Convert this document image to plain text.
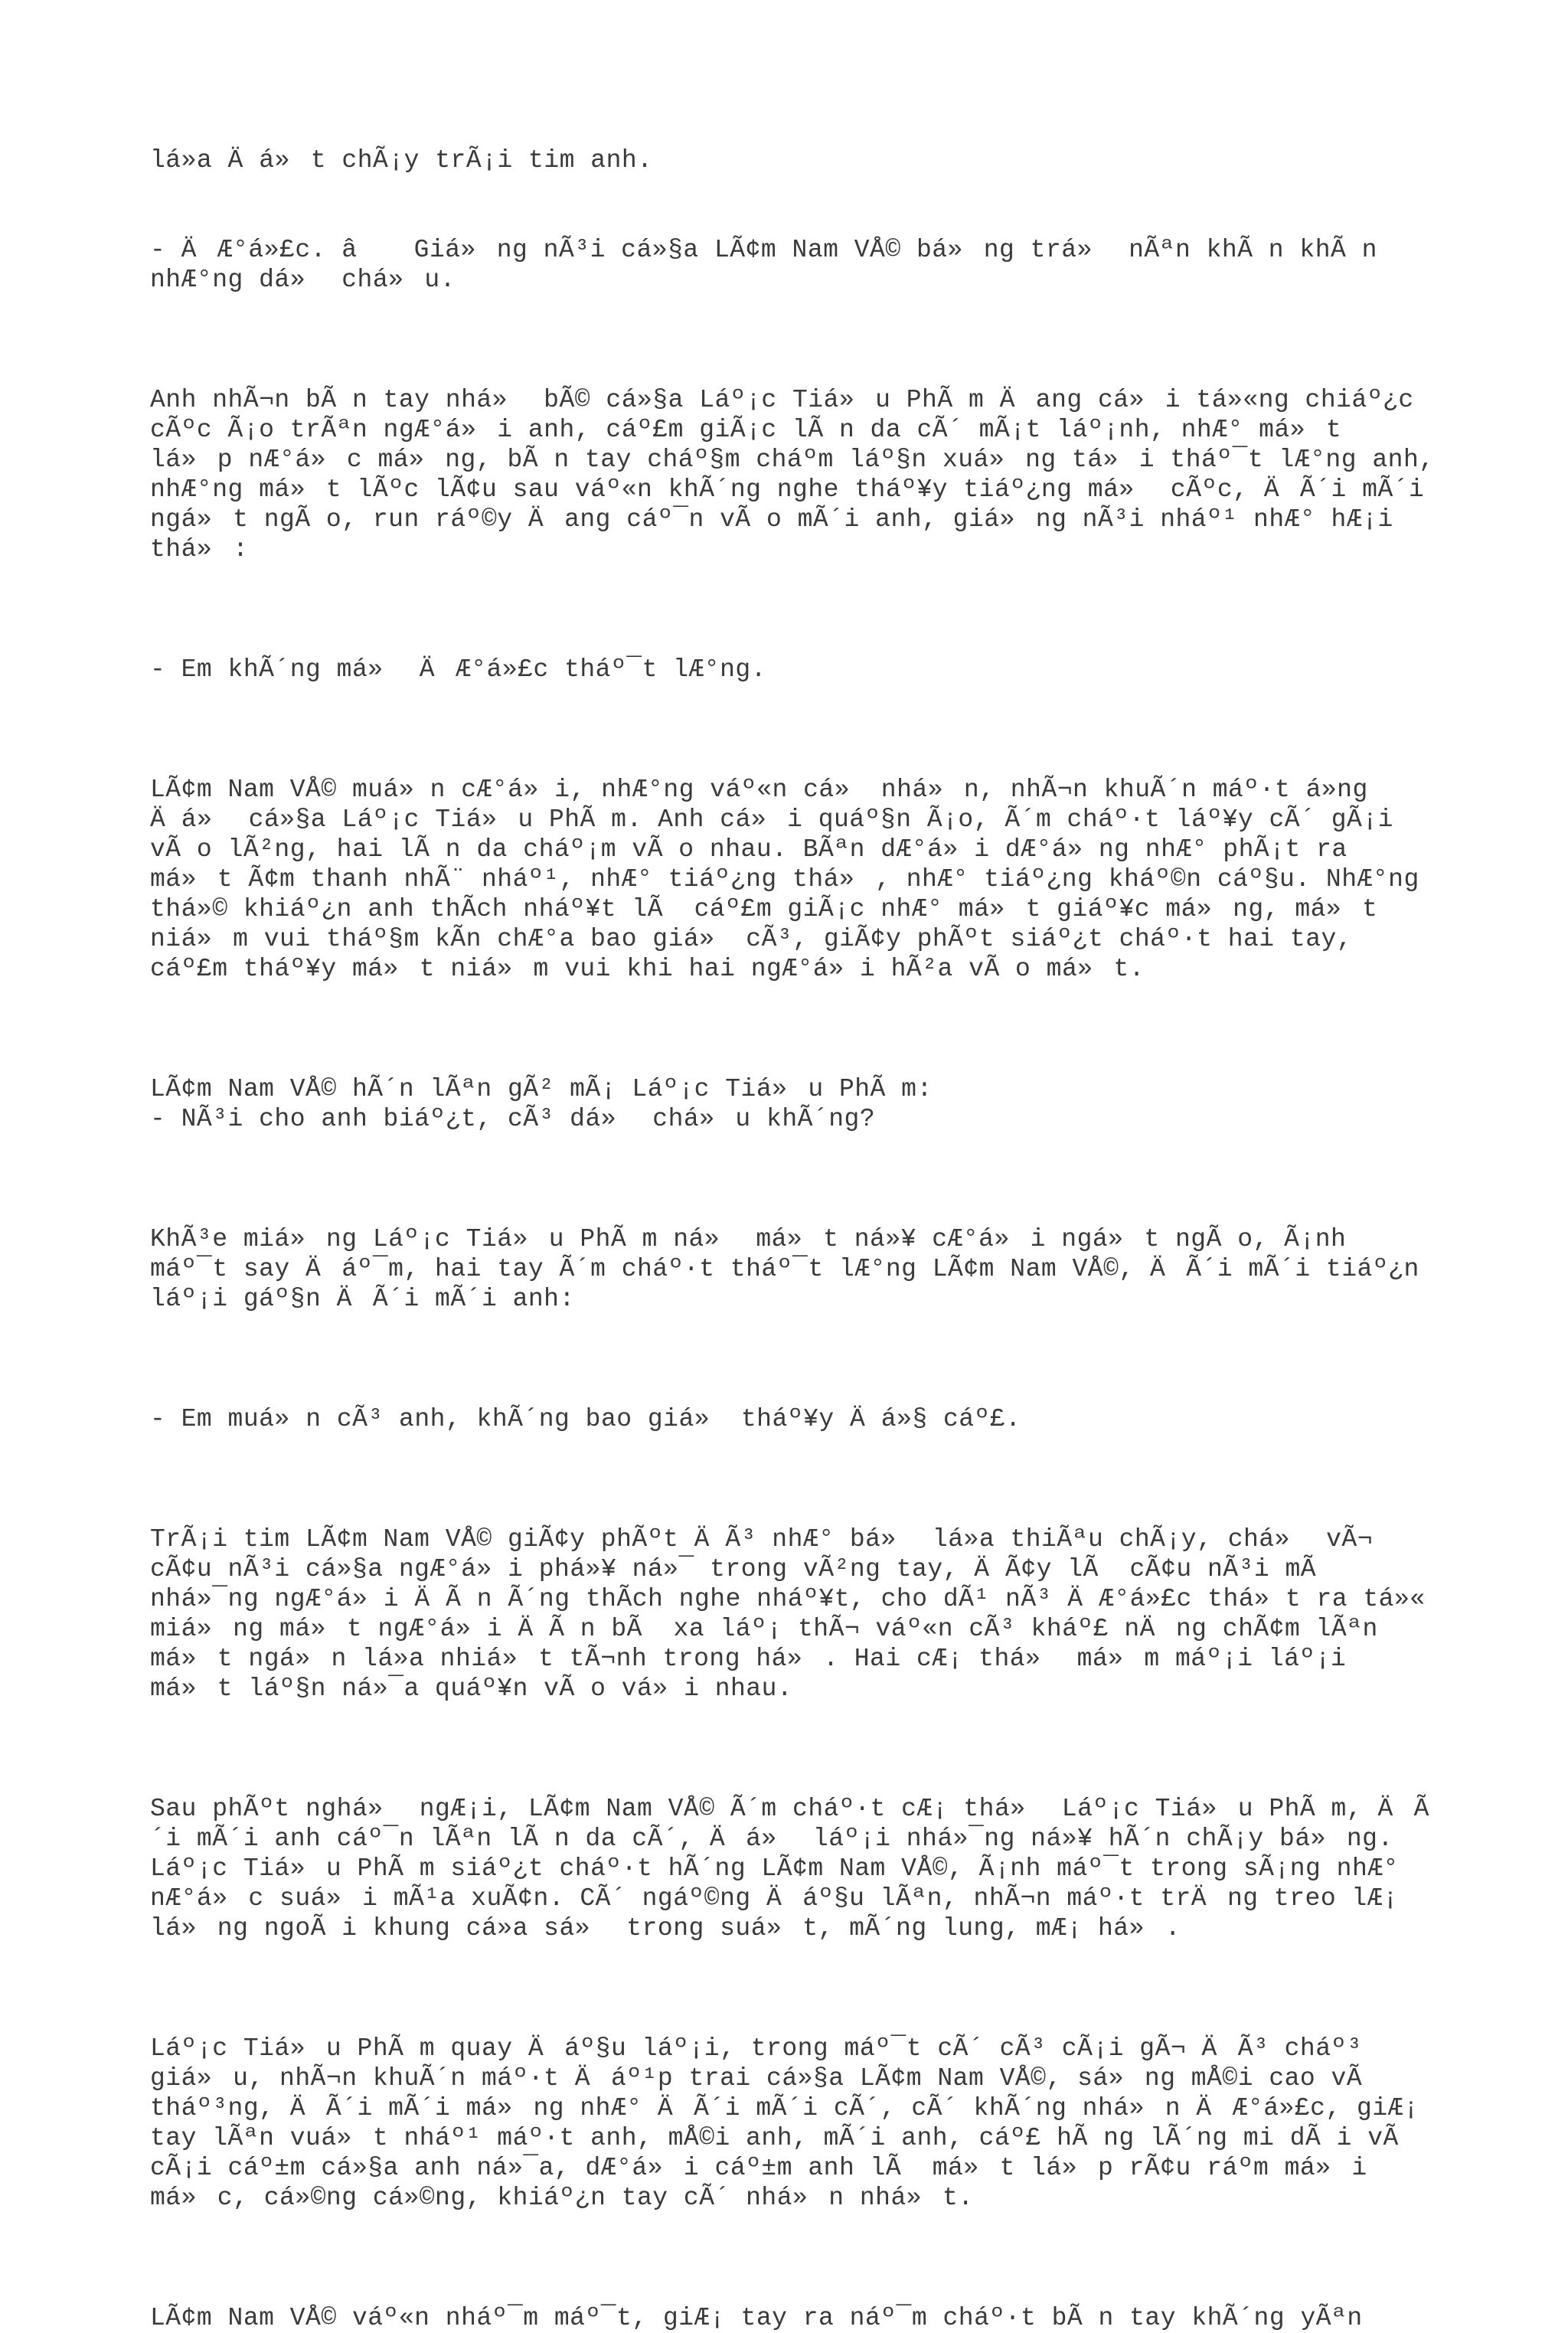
lá»a Äá»t chÃ¡y trÃ¡i tim anh.

- ÄÆ°á»£c. â Giá»ng nÃ³i cá»§a LÃ¢m Nam VÅ© bá»ng trá» nÃªn khÃ n khÃ n nhÆ°ng dá» chá»u.

Anh nhÃ¬n bÃ n tay nhá» bÃ© cá»§a Láº¡c Tiá»u PhÃ m Äang cá»i tá»«ng chiáº¿c cÃºc Ã¡o trÃªn ngÆ°á»i anh, cáº£m giÃ¡c lÃ n da cÃ´ mÃ¡t láº¡nh, nhÆ° má»t lá»p nÆ°á»c má»ng, bÃ n tay cháº§m cháºm láº§n xuá»ng tá»i tháº¯t lÆ°ng anh, nhÆ°ng má»t lÃºc lÃ¢u sau váº«n khÃ´ng nghe tháº¥y tiáº¿ng má» cÃºc, ÄÃ´i mÃ´i ngá»t ngÃ o, run ráº©y Äang cáº¯n vÃ o mÃ´i anh, giá»ng nÃ³i nháº¹ nhÆ° hÆ¡i thá»:

- Em khÃ´ng má» ÄÆ°á»£c tháº¯t lÆ°ng.

LÃ¢m Nam VÅ© muá»n cÆ°á»i, nhÆ°ng váº«n cá» nhá»n, nhÃ¬n khuÃ´n máº·t á»ng Äá» cá»§a Láº¡c Tiá»u PhÃ m. Anh cá»i quáº§n Ã¡o, Ã´m cháº·t láº¥y cÃ´ gÃ¡i vÃ o lÃ²ng, hai lÃ n da cháº¡m vÃ o nhau. BÃªn dÆ°á»i dÆ°á»ng nhÆ° phÃ¡t ra má»t Ã¢m thanh nhÃ¨ nháº¹, nhÆ° tiáº¿ng thá», nhÆ° tiáº¿ng kháº©n cáº§u. NhÆ°ng thá»© khiáº¿n anh thÃch nháº¥t lÃ  cáº£m giÃ¡c nhÆ° má»t giáº¥c má»ng, má»t niá»m vui tháº§m kÃn chÆ°a bao giá» cÃ³, giÃ¢y phÃºt siáº¿t cháº·t hai tay, cáº£m tháº¥y má»t niá»m vui khi hai ngÆ°á»i hÃ²a vÃ o má»t.

LÃ¢m Nam VÅ© hÃ´n lÃªn gÃ² mÃ¡ Láº¡c Tiá»u PhÃ m:
- NÃ³i cho anh biáº¿t, cÃ³ dá» chá»u khÃ´ng?

KhÃ³e miá»ng Láº¡c Tiá»u PhÃ m ná» má»t ná»¥ cÆ°á»i ngá»t ngÃ o, Ã¡nh máº¯t say Äáº¯m, hai tay Ã´m cháº·t tháº¯t lÆ°ng LÃ¢m Nam VÅ©, ÄÃ´i mÃ´i tiáº¿n láº¡i gáº§n ÄÃ´i mÃ´i anh:

- Em muá»n cÃ³ anh, khÃ´ng bao giá» tháº¥y Äá»§ cáº£.

TrÃ¡i tim LÃ¢m Nam VÅ© giÃ¢y phÃºt ÄÃ³ nhÆ° bá» lá»a thiÃªu chÃ¡y, chá» vÃ¬ cÃ¢u nÃ³i cá»§a ngÆ°á»i phá»¥ ná»¯ trong vÃ²ng tay, ÄÃ¢y lÃ  cÃ¢u nÃ³i mÃ  nhá»¯ng ngÆ°á»i ÄÃ n Ã´ng thÃch nghe nháº¥t, cho dÃ¹ nÃ³ ÄÆ°á»£c thá»t ra tá»« miá»ng má»t ngÆ°á»i ÄÃ n bÃ  xa láº¡ thÃ¬ váº«n cÃ³ kháº£ nÄng chÃ¢m lÃªn má»t ngá»n lá»a nhiá»t tÃ¬nh trong há». Hai cÆ¡ thá» má»m máº¡i láº¡i má»t láº§n ná»¯a quáº¥n vÃ o vá»i nhau.

Sau phÃºt nghá» ngÆ¡i, LÃ¢m Nam VÅ© Ã´m cháº·t cÆ¡ thá» Láº¡c Tiá»u PhÃ m, ÄÃ´i mÃ´i anh cáº¯n lÃªn lÃ n da cÃ´, Äá» láº¡i nhá»¯ng ná»¥ hÃ´n chÃ¡y bá»ng.
Láº¡c Tiá»u PhÃ m siáº¿t cháº·t hÃ´ng LÃ¢m Nam VÅ©, Ã¡nh máº¯t trong sÃ¡ng nhÆ° nÆ°á»c suá»i mÃ¹a xuÃ¢n. CÃ´ ngáº©ng Äáº§u lÃªn, nhÃ¬n máº·t trÄng treo lÆ¡ lá»ng ngoÃ i khung cá»a sá» trong suá»t, mÃ´ng lung, mÆ¡ há».

Láº¡c Tiá»u PhÃ m quay Äáº§u láº¡i, trong máº¯t cÃ´ cÃ³ cÃ¡i gÃ¬ ÄÃ³ cháº³ giá»u, nhÃ¬n khuÃ´n máº·t Äáº¹p trai cá»§a LÃ¢m Nam VÅ©, sá»ng mÅ©i cao vÃ  tháº³ng, ÄÃ´i mÃ´i má»ng nhÆ° ÄÃ´i mÃ´i cÃ´, cÃ´ khÃ´ng nhá»n ÄÆ°á»£c, giÆ¡ tay lÃªn vuá»t nháº¹ máº·t anh, mÅ©i anh, mÃ´i anh, cáº£ hÃ ng lÃ´ng mi dÃ i vÃ  cÃ¡i cáº±m cá»§a anh ná»¯a, dÆ°á»i cáº±m anh lÃ  má»t lá»p rÃ¢u ráºm má»i má»c, cá»©ng cá»©ng, khiáº¿n tay cÃ´ nhá»n nhá»t.

LÃ¢m Nam VÅ© váº«n nháº¯m máº¯t, giÆ¡ tay ra náº¯m cháº·t bÃ n tay khÃ´ng yÃªn
